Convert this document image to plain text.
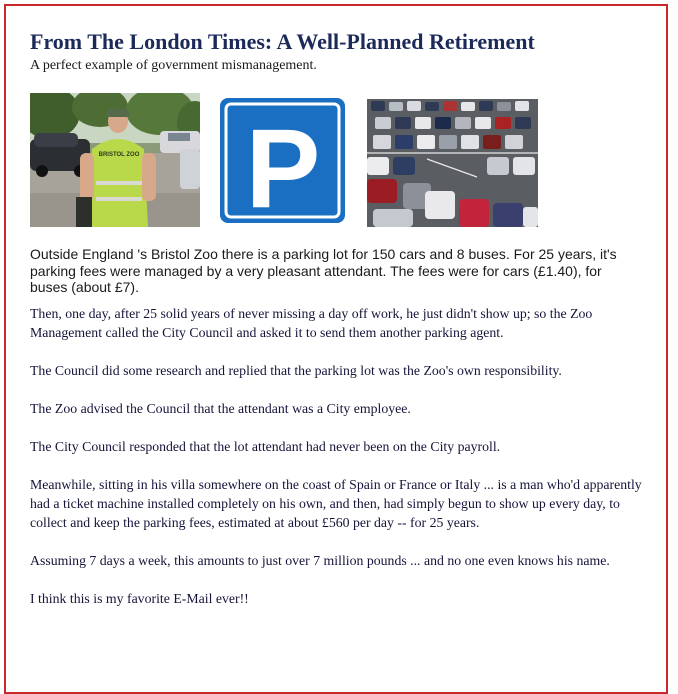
From The London Times: A Well-Planned Retirement
A perfect example of government mismanagement.
BRISTOL ZOO P
Outside England 's Bristol Zoo there is a parking lot for 150 cars and 8 buses. For 25 years, it's parking fees were managed by a very pleasant attendant. The fees were for cars (£1.40), for buses (about £7).

Then, one day, after 25 solid years of never missing a day off work, he just didn't show up; so the Zoo Management called the City Council and asked it to send them another parking agent.

The Council did some research and replied that the parking lot was the Zoo's own responsibility.

The Zoo advised the Council that the attendant was a City employee.

The City Council responded that the lot attendant had never been on the City payroll.

Meanwhile, sitting in his villa somewhere on the coast of Spain or France or Italy ... is a man who'd apparently had a ticket machine installed completely on his own, and then, had simply begun to show up every day, to collect and keep the parking fees, estimated at about £560 per day -- for 25 years.

Assuming 7 days a week, this amounts to just over 7 million pounds ... and no one even knows his name.

I think this is my favorite E-Mail ever!!
